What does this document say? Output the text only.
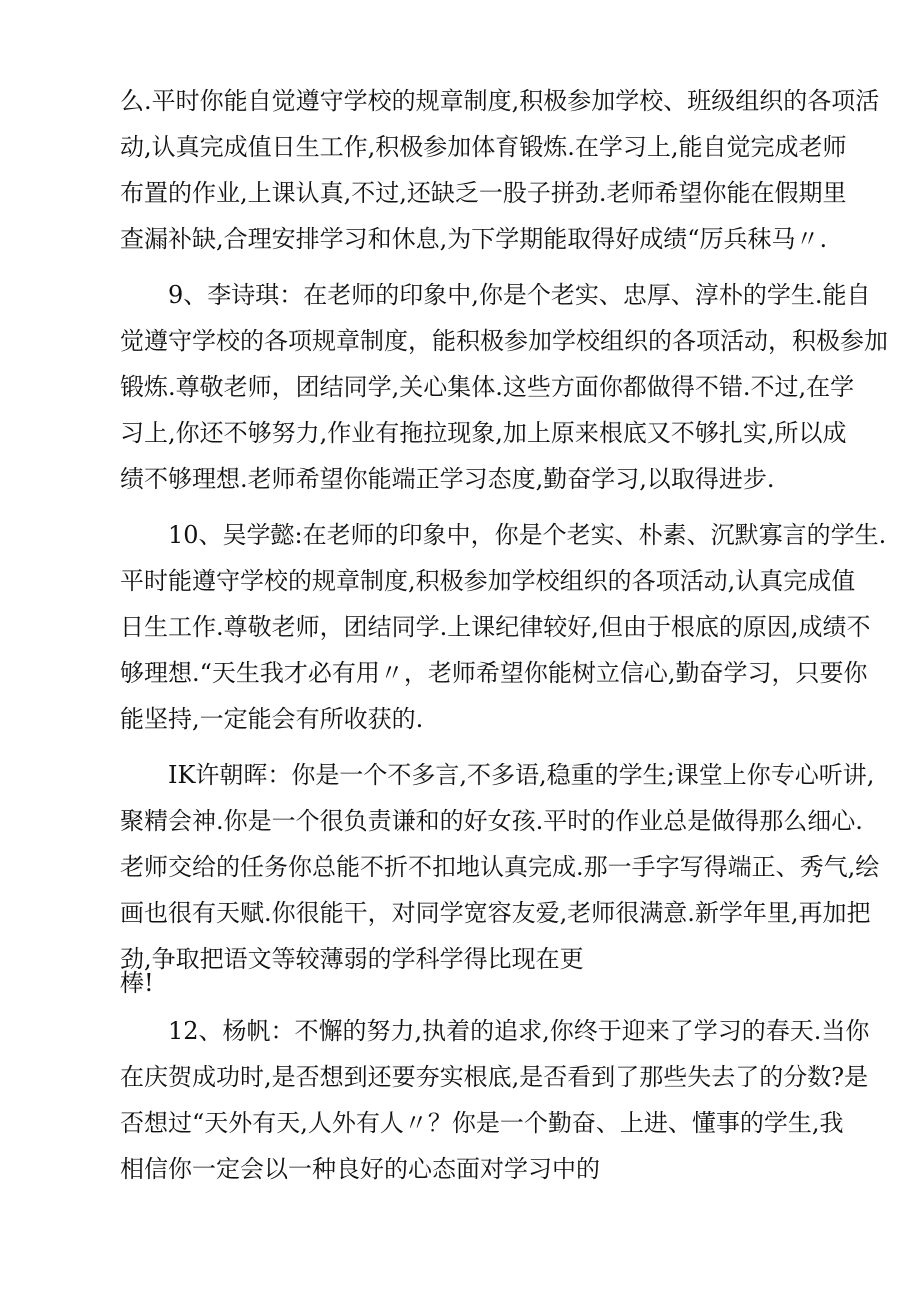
么.平时你能自觉遵守学校的规章制度,积极参加学校、班级组织的各项活
动,认真完成值日生工作,积极参加体育锻炼.在学习上,能自觉完成老师
布置的作业,上课认真,不过,还缺乏一股子拼劲.老师希望你能在假期里
查漏补缺,合理安排学习和休息,为下学期能取得好成绩“厉兵秣马〃.

9、李诗琪：在老师的印象中,你是个老实、忠厚、淳朴的学生.能自
觉遵守学校的各项规章制度，能积极参加学校组织的各项活动，积极参加
锻炼.尊敬老师，团结同学,关心集体.这些方面你都做得不错.不过,在学
习上,你还不够努力,作业有拖拉现象,加上原来根底又不够扎实,所以成
绩不够理想.老师希望你能端正学习态度,勤奋学习,以取得进步.

10、吴学懿:在老师的印象中，你是个老实、朴素、沉默寡言的学生.
平时能遵守学校的规章制度,积极参加学校组织的各项活动,认真完成值
日生工作.尊敬老师，团结同学.上课纪律较好,但由于根底的原因,成绩不
够理想.“天生我才必有用〃，老师希望你能树立信心,勤奋学习，只要你
能坚持,一定能会有所收获的.

IK许朝晖：你是一个不多言,不多语,稳重的学生;课堂上你专心听讲,
聚精会神.你是一个很负责谦和的好女孩.平时的作业总是做得那么细心.
老师交给的任务你总能不折不扣地认真完成.那一手字写得端正、秀气,绘
画也很有天赋.你很能干，对同学宽容友爱,老师很满意.新学年里,再加把
劲,争取把语文等较薄弱的学科学得比现在更
棒!

12、杨帆：不懈的努力,执着的追求,你终于迎来了学习的春天.当你
在庆贺成功时,是否想到还要夯实根底,是否看到了那些失去了的分数?是
否想过“天外有天,人外有人〃？你是一个勤奋、上进、懂事的学生,我
相信你一定会以一种良好的心态面对学习中的
